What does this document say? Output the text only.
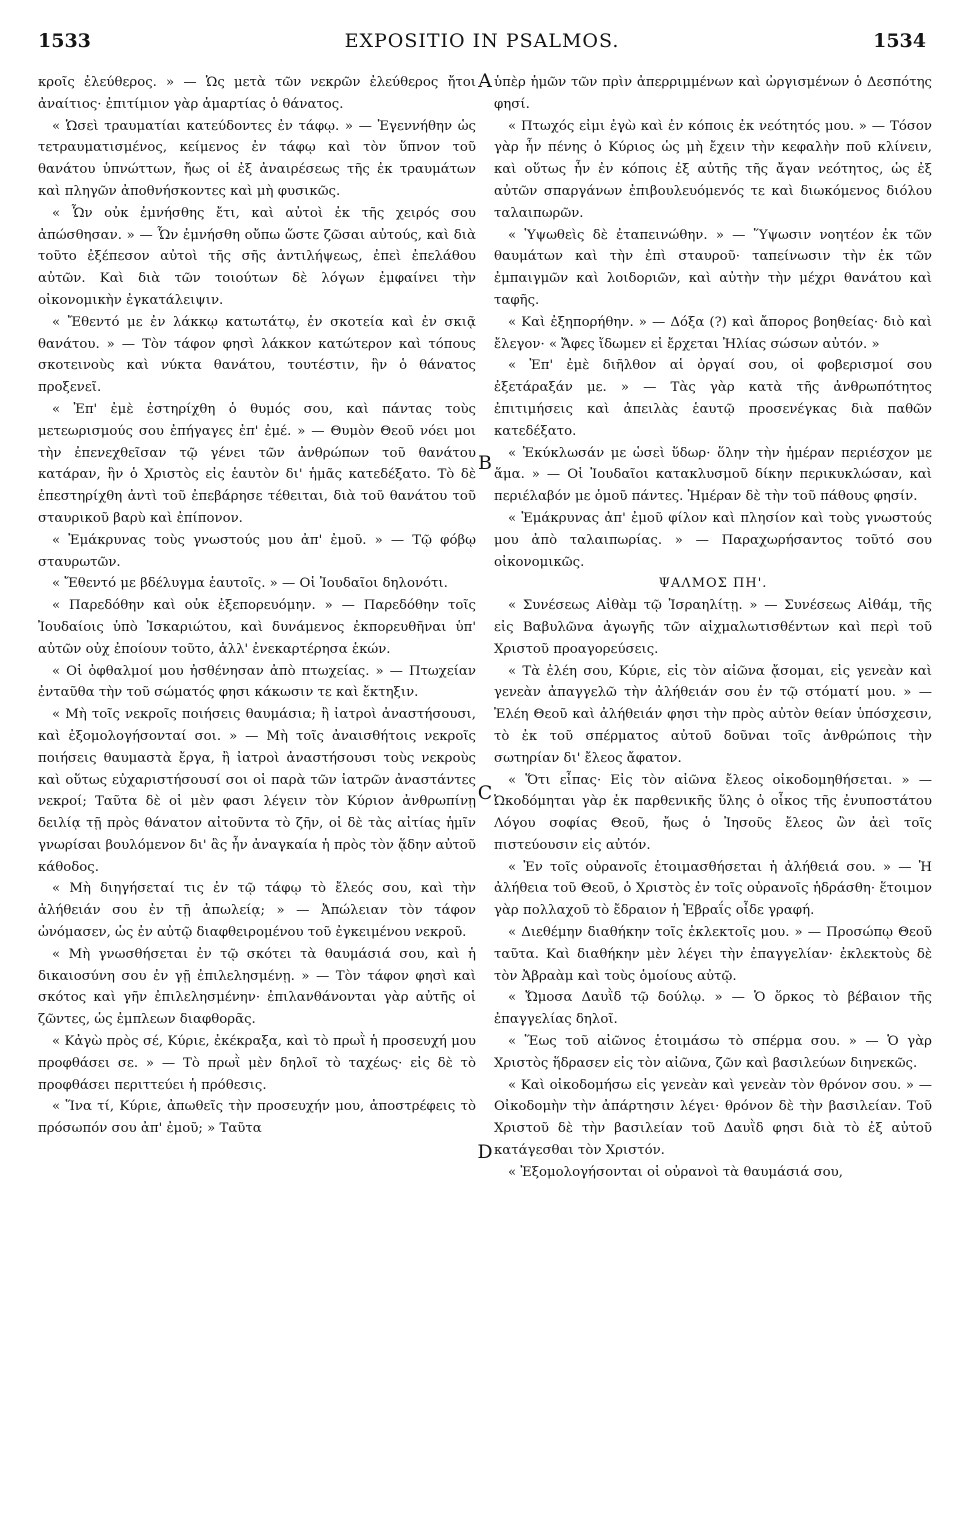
1533	EXPOSITIO IN PSALMOS.	1534

κροῖς ἐλεύθερος. » — Ὡς μετὰ τῶν νεκρῶν ἐλεύθερος ἤτοι ἀναίτιος· ἐπιτίμιον γὰρ ἁμαρτίας ὁ θάνατος.

« Ὡσεὶ τραυματίαι κατεύδοντες ἐν τάφῳ. » — Ἐγεννήθην ὡς τετραυματισμένος, κείμενος ἐν τάφῳ καὶ τὸν ὕπνον τοῦ θανάτου ὑπνώττων, ἤως οἱ ἐξ ἀναιρέσεως τῆς ἐκ τραυμάτων καὶ πληγῶν ἀποθνήσκοντες καὶ μὴ φυσικῶς.

« Ὧν οὐκ ἐμνήσθης ἔτι, καὶ αὐτοὶ ἐκ τῆς χειρός σου ἀπώσθησαν. » — Ὧν ἐμνήσθη οὔπω ὥστε ζῶσαι αὐτούς, καὶ διὰ τοῦτο ἐξέπεσον αὐτοὶ τῆς σῆς ἀντιλήψεως, ἐπεὶ ἐπελάθου αὐτῶν. Καὶ διὰ τῶν τοιούτων δὲ λόγων ἐμφαίνει τὴν οἰκονομικὴν ἐγκατάλειψιν.

« Ἔθεντό με ἐν λάκκῳ κατωτάτῳ, ἐν σκοτεία καὶ ἐν σκιᾷ θανάτου. » — Τὸν τάφον φησὶ λάκκον κατώτερον καὶ τόπους σκοτεινοὺς καὶ νύκτα θανάτου, τουτέστιν, ἣν ὁ θάνατος προξενεῖ.

« Ἐπ' ἐμὲ ἐστηρίχθη ὁ θυμός σου, καὶ πάντας τοὺς μετεωρισμούς σου ἐπήγαγες ἐπ' ἐμέ. » — Θυμὸν Θεοῦ νόει μοι τὴν ἐπενεχθεῖσαν τῷ γένει τῶν ἀνθρώπων τοῦ θανάτου κατάραν, ἣν ὁ Χριστὸς εἰς ἑαυτὸν δι' ἡμᾶς κατεδέξατο. Τὸ δὲ ἐπεστηρίχθη ἀντὶ τοῦ ἐπεβάρησε τέθειται, διὰ τοῦ θανάτου τοῦ σταυρικοῦ βαρὺ καὶ ἐπίπονον.

« Ἐμάκρυνας τοὺς γνωστούς μου ἀπ' ἐμοῦ. » — Τῷ φόβῳ σταυρωτῶν.

« Ἔθεντό με βδέλυγμα ἑαυτοῖς. » — Οἱ Ἰουδαῖοι δηλονότι.

« Παρεδόθην καὶ οὐκ ἐξεπορευόμην. » — Παρεδόθην τοῖς Ἰουδαίοις ὑπὸ Ἰσκαριώτου, καὶ δυνάμενος ἐκπορευθῆναι ὑπ' αὐτῶν οὐχ ἐποίουν τοῦτο, ἀλλ' ἐνεκαρτέρησα ἑκών.

« Οἱ ὀφθαλμοί μου ἠσθένησαν ἀπὸ πτωχείας. » — Πτωχείαν ἐνταῦθα τὴν τοῦ σώματός φησι κάκωσιν τε καὶ ἔκτηξιν.

« Μὴ τοῖς νεκροῖς ποιήσεις θαυμάσια; ἢ ἰατροὶ ἀναστήσουσι, καὶ ἐξομολογήσονταί σοι. » — Μὴ τοῖς ἀναισθήτοις νεκροῖς ποιήσεις θαυμαστὰ ἔργα, ἢ ἰατροὶ ἀναστήσουσι τοὺς νεκροὺς καὶ οὕτως εὐχαριστήσουσί σοι οἱ παρὰ τῶν ἰατρῶν ἀναστάντες νεκροί; Ταῦτα δὲ οἱ μὲν φασι λέγειν τὸν Κύριον ἀνθρωπίνῃ δειλίᾳ τῇ πρὸς θάνατον αἰτοῦντα τὸ ζῆν, οἱ δὲ τὰς αἰτίας ἡμῖν γνωρίσαι βουλόμενον δι' ἃς ἦν ἀναγκαία ἡ πρὸς τὸν ᾅδην αὐτοῦ κάθοδος.

« Μὴ διηγήσεταί τις ἐν τῷ τάφῳ τὸ ἔλεός σου, καὶ τὴν ἀλήθειάν σου ἐν τῇ ἀπωλείᾳ; » — Ἀπώλειαν τὸν τάφον ὠνόμασεν, ὡς ἐν αὐτῷ διαφθειρομένου τοῦ ἐγκειμένου νεκροῦ.

« Μὴ γνωσθήσεται ἐν τῷ σκότει τὰ θαυμάσιά σου, καὶ ἡ δικαιοσύνη σου ἐν γῇ ἐπιλελησμένῃ. » — Τὸν τάφον φησὶ καὶ σκότος καὶ γῆν ἐπιλελησμένην· ἐπιλανθάνονται γὰρ αὐτῆς οἱ ζῶντες, ὡς ἐμπλεων διαφθορᾶς.

« Κἀγὼ πρὸς σέ, Κύριε, ἐκέκραξα, καὶ τὸ πρωῒ ἡ προσευχή μου προφθάσει σε. » — Τὸ πρωῒ μὲν δηλοῖ τὸ ταχέως· εἰς δὲ τὸ προφθάσει περιττεύει ἡ πρόθεσις.

« Ἵνα τί, Κύριε, ἀπωθεῖς τὴν προσευχήν μου, ἀποστρέφεις τὸ πρόσωπόν σου ἀπ' ἐμοῦ; » Ταῦτα

A
B
C
D

ὑπὲρ ἡμῶν τῶν πρὶν ἀπερριμμένων καὶ ὠργισμένων ὁ Δεσπότης φησί.

« Πτωχός εἰμι ἐγὼ καὶ ἐν κόποις ἐκ νεότητός μου. » — Τόσον γὰρ ἦν πένης ὁ Κύριος ὡς μὴ ἔχειν τὴν κεφαλὴν ποῦ κλίνειν, καὶ οὕτως ἦν ἐν κόποις ἐξ αὐτῆς τῆς ἄγαν νεότητος, ὡς ἐξ αὐτῶν σπαργάνων ἐπιβουλευόμενός τε καὶ διωκόμενος διόλου ταλαιπωρῶν.

« Ὑψωθεὶς δὲ ἐταπεινώθην. » — Ὕψωσιν νοητέον ἐκ τῶν θαυμάτων καὶ τὴν ἐπὶ σταυροῦ· ταπείνωσιν τὴν ἐκ τῶν ἐμπαιγμῶν καὶ λοιδοριῶν, καὶ αὐτὴν τὴν μέχρι θανάτου καὶ ταφῆς.

« Καὶ ἐξηπορήθην. » — Δόξα (?) καὶ ἄπορος βοηθείας· διὸ καὶ ἔλεγον· « Ἄφες ἴδωμεν εἰ ἔρχεται Ἠλίας σώσων αὐτόν. »

« Ἐπ' ἐμὲ διῆλθον αἱ ὀργαί σου, οἱ φοβερισμοί σου ἐξετάραξάν με. » — Τὰς γὰρ κατὰ τῆς ἀνθρωπότητος ἐπιτιμήσεις καὶ ἀπειλὰς ἑαυτῷ προσενέγκας διὰ παθῶν κατεδέξατο.

« Ἐκύκλωσάν με ὡσεὶ ὕδωρ· ὅλην τὴν ἡμέραν περιέσχον με ἅμα. » — Οἱ Ἰουδαῖοι κατακλυσμοῦ δίκην περικυκλώσαν, καὶ περιέλαβόν με ὁμοῦ πάντες. Ἡμέραν δὲ τὴν τοῦ πάθους φησίν.

« Ἐμάκρυνας ἀπ' ἐμοῦ φίλον καὶ πλησίον καὶ τοὺς γνωστούς μου ἀπὸ ταλαιπωρίας. » — Παραχωρήσαντος τοῦτό σου οἰκονομικῶς.

ΨΑΛΜΟΣ ΠΗ'.

« Συνέσεως Αἰθὰμ τῷ Ἰσραηλίτῃ. » — Συνέσεως Αἰθάμ, τῆς εἰς Βαβυλῶνα ἀγωγῆς τῶν αἰχμαλωτισθέντων καὶ περὶ τοῦ Χριστοῦ προαγορεύσεις.

« Τὰ ἐλέη σου, Κύριε, εἰς τὸν αἰῶνα ᾄσομαι, εἰς γενεὰν καὶ γενεὰν ἀπαγγελῶ τὴν ἀλήθειάν σου ἐν τῷ στόματί μου. » — Ἐλέη Θεοῦ καὶ ἀλήθειάν φησι τὴν πρὸς αὐτὸν θείαν ὑπόσχεσιν, τὸ ἐκ τοῦ σπέρματος αὐτοῦ δοῦναι τοῖς ἀνθρώποις τὴν σωτηρίαν δι' ἔλεος ἄφατον.

« Ὅτι εἶπας· Εἰς τὸν αἰῶνα ἔλεος οἰκοδομηθήσεται. » — Ὠκοδόμηται γὰρ ἐκ παρθενικῆς ὕλης ὁ οἶκος τῆς ἐνυποστάτου Λόγου σοφίας Θεοῦ, ἤως ὁ Ἰησοῦς ἔλεος ὢν ἀεὶ τοῖς πιστεύουσιν εἰς αὐτόν.

« Ἐν τοῖς οὐρανοῖς ἑτοιμασθήσεται ἡ ἀλήθειά σου. » — Ἡ ἀλήθεια τοῦ Θεοῦ, ὁ Χριστὸς ἐν τοῖς οὐρανοῖς ἡδράσθη· ἕτοιμον γὰρ πολλαχοῦ τὸ ἔδραιον ἡ Ἑβραΐς οἶδε γραφή.

« Διεθέμην διαθήκην τοῖς ἐκλεκτοῖς μου. » — Προσώπῳ Θεοῦ ταῦτα. Καὶ διαθήκην μὲν λέγει τὴν ἐπαγγελίαν· ἐκλεκτοὺς δὲ τὸν Ἀβραὰμ καὶ τοὺς ὁμοίους αὐτῷ.

« Ὤμοσα Δαυῒδ τῷ δούλῳ. » — Ὁ ὅρκος τὸ βέβαιον τῆς ἐπαγγελίας δηλοῖ.

« Ἕως τοῦ αἰῶνος ἑτοιμάσω τὸ σπέρμα σου. » — Ὁ γὰρ Χριστὸς ἥδρασεν εἰς τὸν αἰῶνα, ζῶν καὶ βασιλεύων διηνεκῶς.

« Καὶ οἰκοδομήσω εἰς γενεὰν καὶ γενεὰν τὸν θρόνον σου. » — Οἰκοδομὴν τὴν ἀπάρτησιν λέγει· θρόνον δὲ τὴν βασιλείαν. Τοῦ Χριστοῦ δὲ τὴν βασιλείαν τοῦ Δαυῒδ φησι διὰ τὸ ἐξ αὐτοῦ κατάγεσθαι τὸν Χριστόν.

« Ἐξομολογήσονται οἱ οὐρανοὶ τὰ θαυμάσιά σου,
